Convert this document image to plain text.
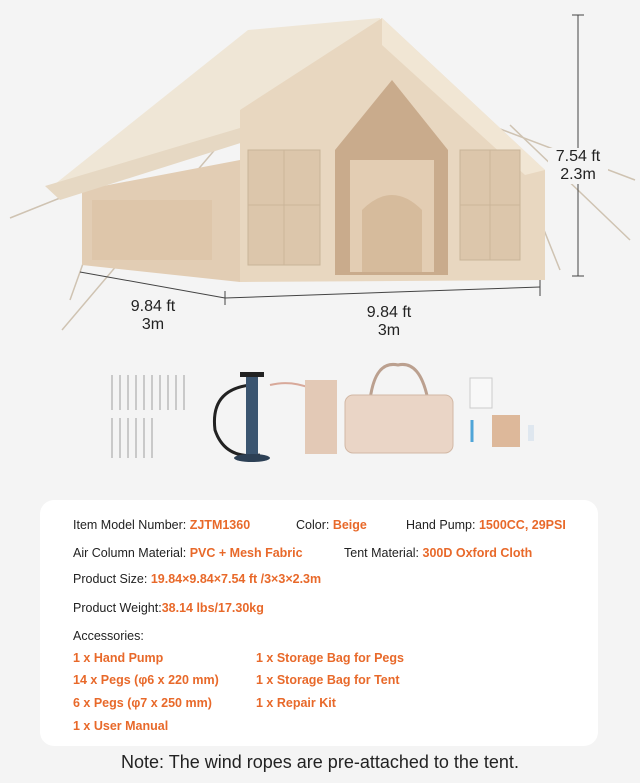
7.54 ft
2.3m
9.84 ft
3m
9.84 ft
3m
Item Model Number: ZJTM1360	Color: Beige	Hand Pump: 1500CC, 29PSI
Air Column Material: PVC + Mesh Fabric	Tent Material: 300D Oxford Cloth
Product Size: 19.84×9.84×7.54 ft /3×3×2.3m
Product Weight:38.14 lbs/17.30kg
Accessories:
1 x Hand Pump
14 x Pegs (φ6 x 220 mm)
6 x Pegs (φ7 x 250 mm)
1 x User Manual
1 x Storage Bag for Pegs
1 x Storage Bag for Tent
1 x Repair Kit
Note: The wind ropes are pre-attached to the tent.
